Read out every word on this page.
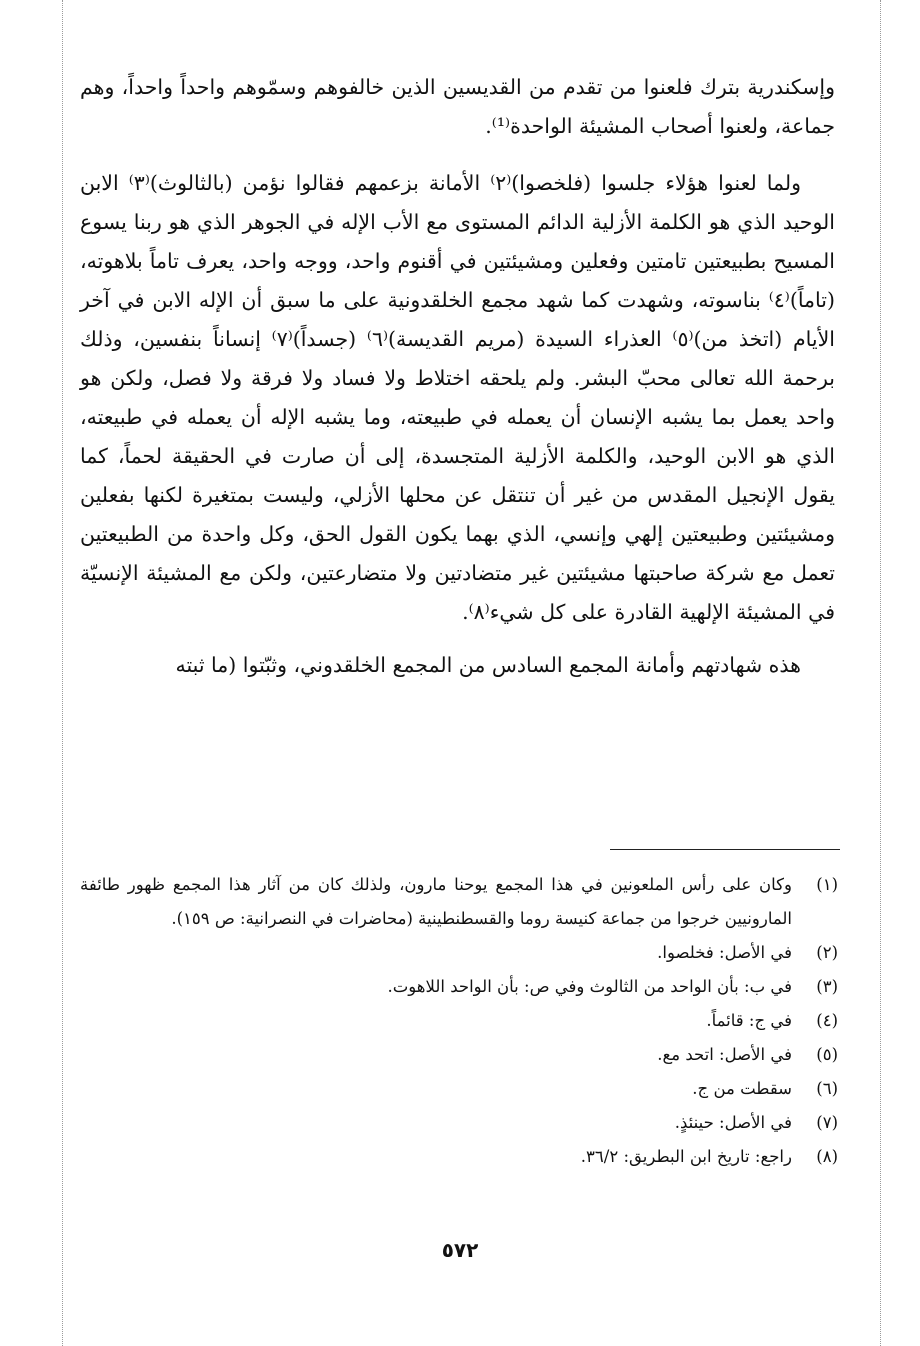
وإسكندرية بترك فلعنوا من تقدم من القديسين الذين خالفوهم وسمّوهم واحداً واحداً، وهم جماعة، ولعنوا أصحاب المشيئة الواحدة⁽¹⁾.

ولما لعنوا هؤلاء جلسوا (فلخصوا)⁽٢⁾ الأمانة بزعمهم فقالوا نؤمن (بالثالوث)⁽٣⁾ الابن الوحيد الذي هو الكلمة الأزلية الدائم المستوى مع الأب الإله في الجوهر الذي هو ربنا يسوع المسيح بطبيعتين تامتين وفعلين ومشيئتين في أقنوم واحد، ووجه واحد، يعرف تاماً بلاهوته، (تاماً)⁽٤⁾ بناسوته، وشهدت كما شهد مجمع الخلقدونية على ما سبق أن الإله الابن في آخر الأيام (اتخذ من)⁽٥⁾ العذراء السيدة (مريم القديسة)⁽٦⁾ (جسداً)⁽٧⁾ إنساناً بنفسين، وذلك برحمة الله تعالى محبّ البشر. ولم يلحقه اختلاط ولا فساد ولا فرقة ولا فصل، ولكن هو واحد يعمل بما يشبه الإنسان أن يعمله في طبيعته، وما يشبه الإله أن يعمله في طبيعته، الذي هو الابن الوحيد، والكلمة الأزلية المتجسدة، إلى أن صارت في الحقيقة لحماً، كما يقول الإنجيل المقدس من غير أن تنتقل عن محلها الأزلي، وليست بمتغيرة لكنها بفعلين ومشيئتين وطبيعتين إلهي وإنسي، الذي بهما يكون القول الحق، وكل واحدة من الطبيعتين تعمل مع شركة صاحبتها مشيئتين غير متضادتين ولا متضارعتين، ولكن مع المشيئة الإنسيّة في المشيئة الإلهية القادرة على كل شيء⁽٨⁾.

هذه شهادتهم وأمانة المجمع السادس من المجمع الخلقدوني، وثبّتوا (ما ثبته

(١)
وكان على رأس الملعونين في هذا المجمع يوحنا مارون، ولذلك كان من آثار هذا المجمع ظهور طائفة المارونيين خرجوا من جماعة كنيسة روما والقسطنطينية (محاضرات في النصرانية: ص ١٥٩).
(٢)
في الأصل: فخلصوا.
(٣)
في ب: بأن الواحد من الثالوث وفي ص: بأن الواحد اللاهوت.
(٤)
في ج: قائماً.
(٥)
في الأصل: اتحد مع.
(٦)
سقطت من ج.
(٧)
في الأصل: حينئذٍ.
(٨)
راجع: تاريخ ابن البطريق: ٣٦/٢.
٥٧٢
